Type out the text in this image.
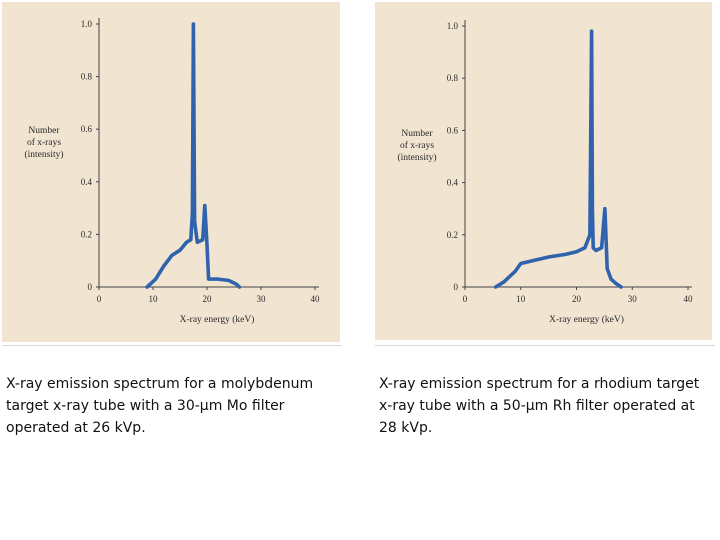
0
0.2
0.4
0.6
0.8
1.0
0	10	20	30	40
X-ray energy (keV)
Number
of x-rays
(intensity)
0
0.2
0.4
0.6
0.8
1.0
0	10	20	30	40
X-ray energy (keV)
Number
of x-rays
(intensity)
X-ray emission spectrum for a molybdenum target x-ray tube with a 30-µm Mo filter operated at 26 kVp.
X-ray emission spectrum for a rhodium target x-ray tube with a 50-µm Rh filter operated at 28 kVp.
